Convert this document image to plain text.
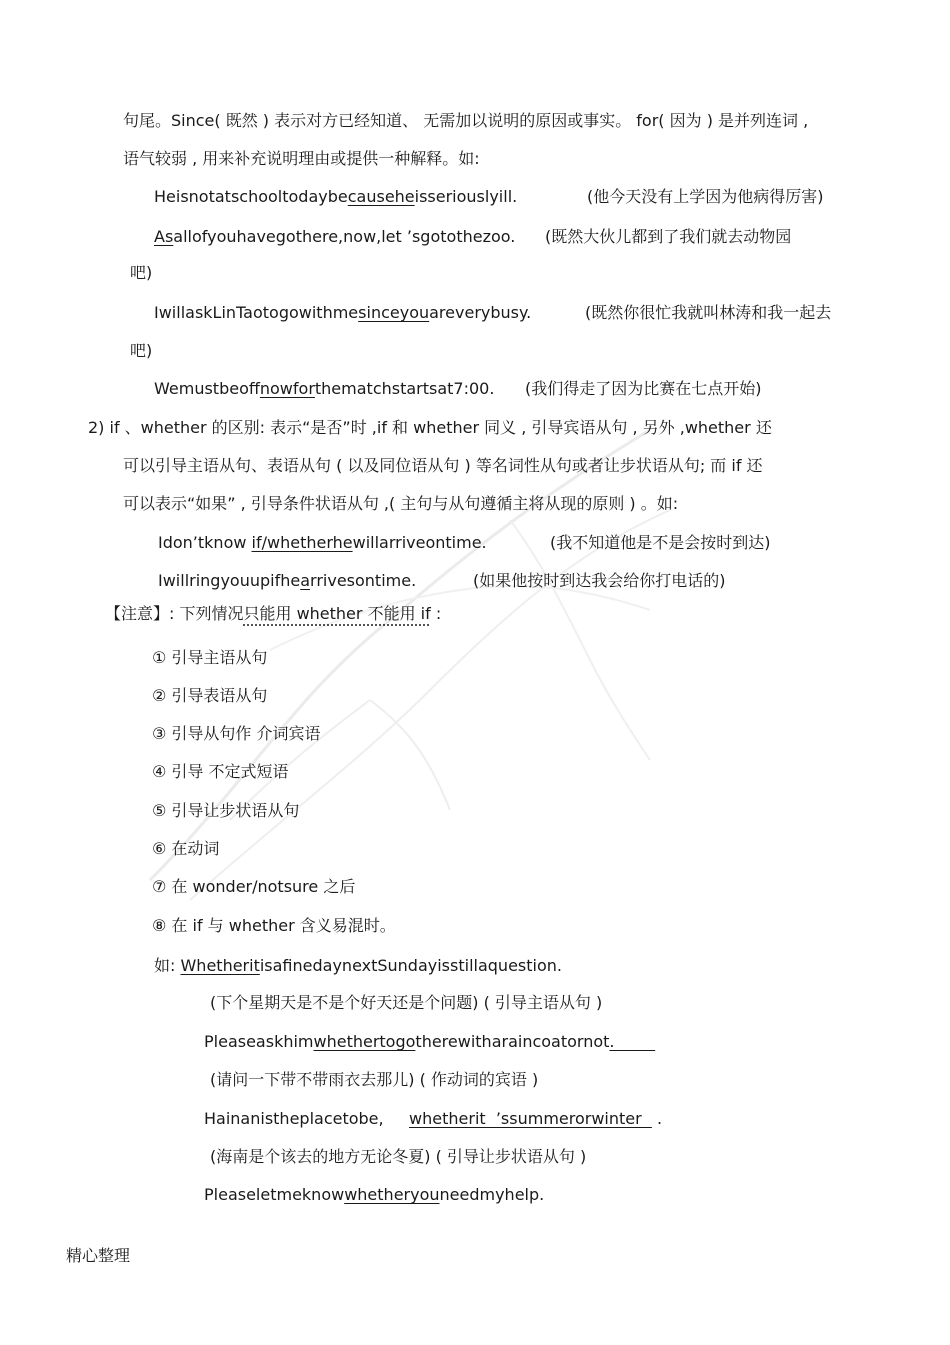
句尾。Since( 既然 ) 表示对方已经知道、 无需加以说明的原因或事实。 for( 因为 ) 是并列连词 ,
语气较弱 , 用来补充说明理由或提供一种解释。如:
Heisnotatschooltodaybecauseheisseriouslyill.	(他今天没有上学因为他病得厉害)
Asallofyouhavegothere,now,let ’sgotothezoo. (既然大伙儿都到了我们就去动物园
吧)
IwillaskLinTaotogowithmesinceyouareverybusy.	(既然你很忙我就叫林涛和我一起去
吧)
Wemustbeoffnowforthematchstartsat7:00. (我们得走了因为比赛在七点开始)
2) if 、whether 的区别: 表示“是否”时 ,if 和 whether 同义 , 引导宾语从句 , 另外 ,whether 还
可以引导主语从句、表语从句 ( 以及同位语从句 ) 等名词性从句或者让步状语从句; 而 if 还
可以表示“如果” , 引导条件状语从句 ,( 主句与从句遵循主将从现的原则 ) 。如:
Idon’tknow if/whetherhewillarriveontime.	(我不知道他是不是会按时到达)
Iwillringyouupifhearrivesontime.	(如果他按时到达我会给你打电话的)
【注意】: 下列情况只能用 whether 不能用 if :
① 引导主语从句
② 引导表语从句
③ 引导从句作 介词宾语
④ 引导 不定式短语
⑤ 引导让步状语从句
⑥ 在动词
⑦ 在 wonder/notsure 之后
⑧ 在 if 与 whether 含义易混时。
如: WhetheritisafinedaynextSundayisstillaquestion.
(下个星期天是不是个好天还是个问题) ( 引导主语从句 )
Pleaseaskhimwhethertogotherewitharaincoatornot.
(请问一下带不带雨衣去那儿) ( 作动词的宾语 )
Hainanistheplacetobe,     whetherit  ’ssummerorwinter   .
(海南是个该去的地方无论冬夏) ( 引导让步状语从句 )
Pleaseletmeknowwhetheryouneedmyhelp.
精心整理
